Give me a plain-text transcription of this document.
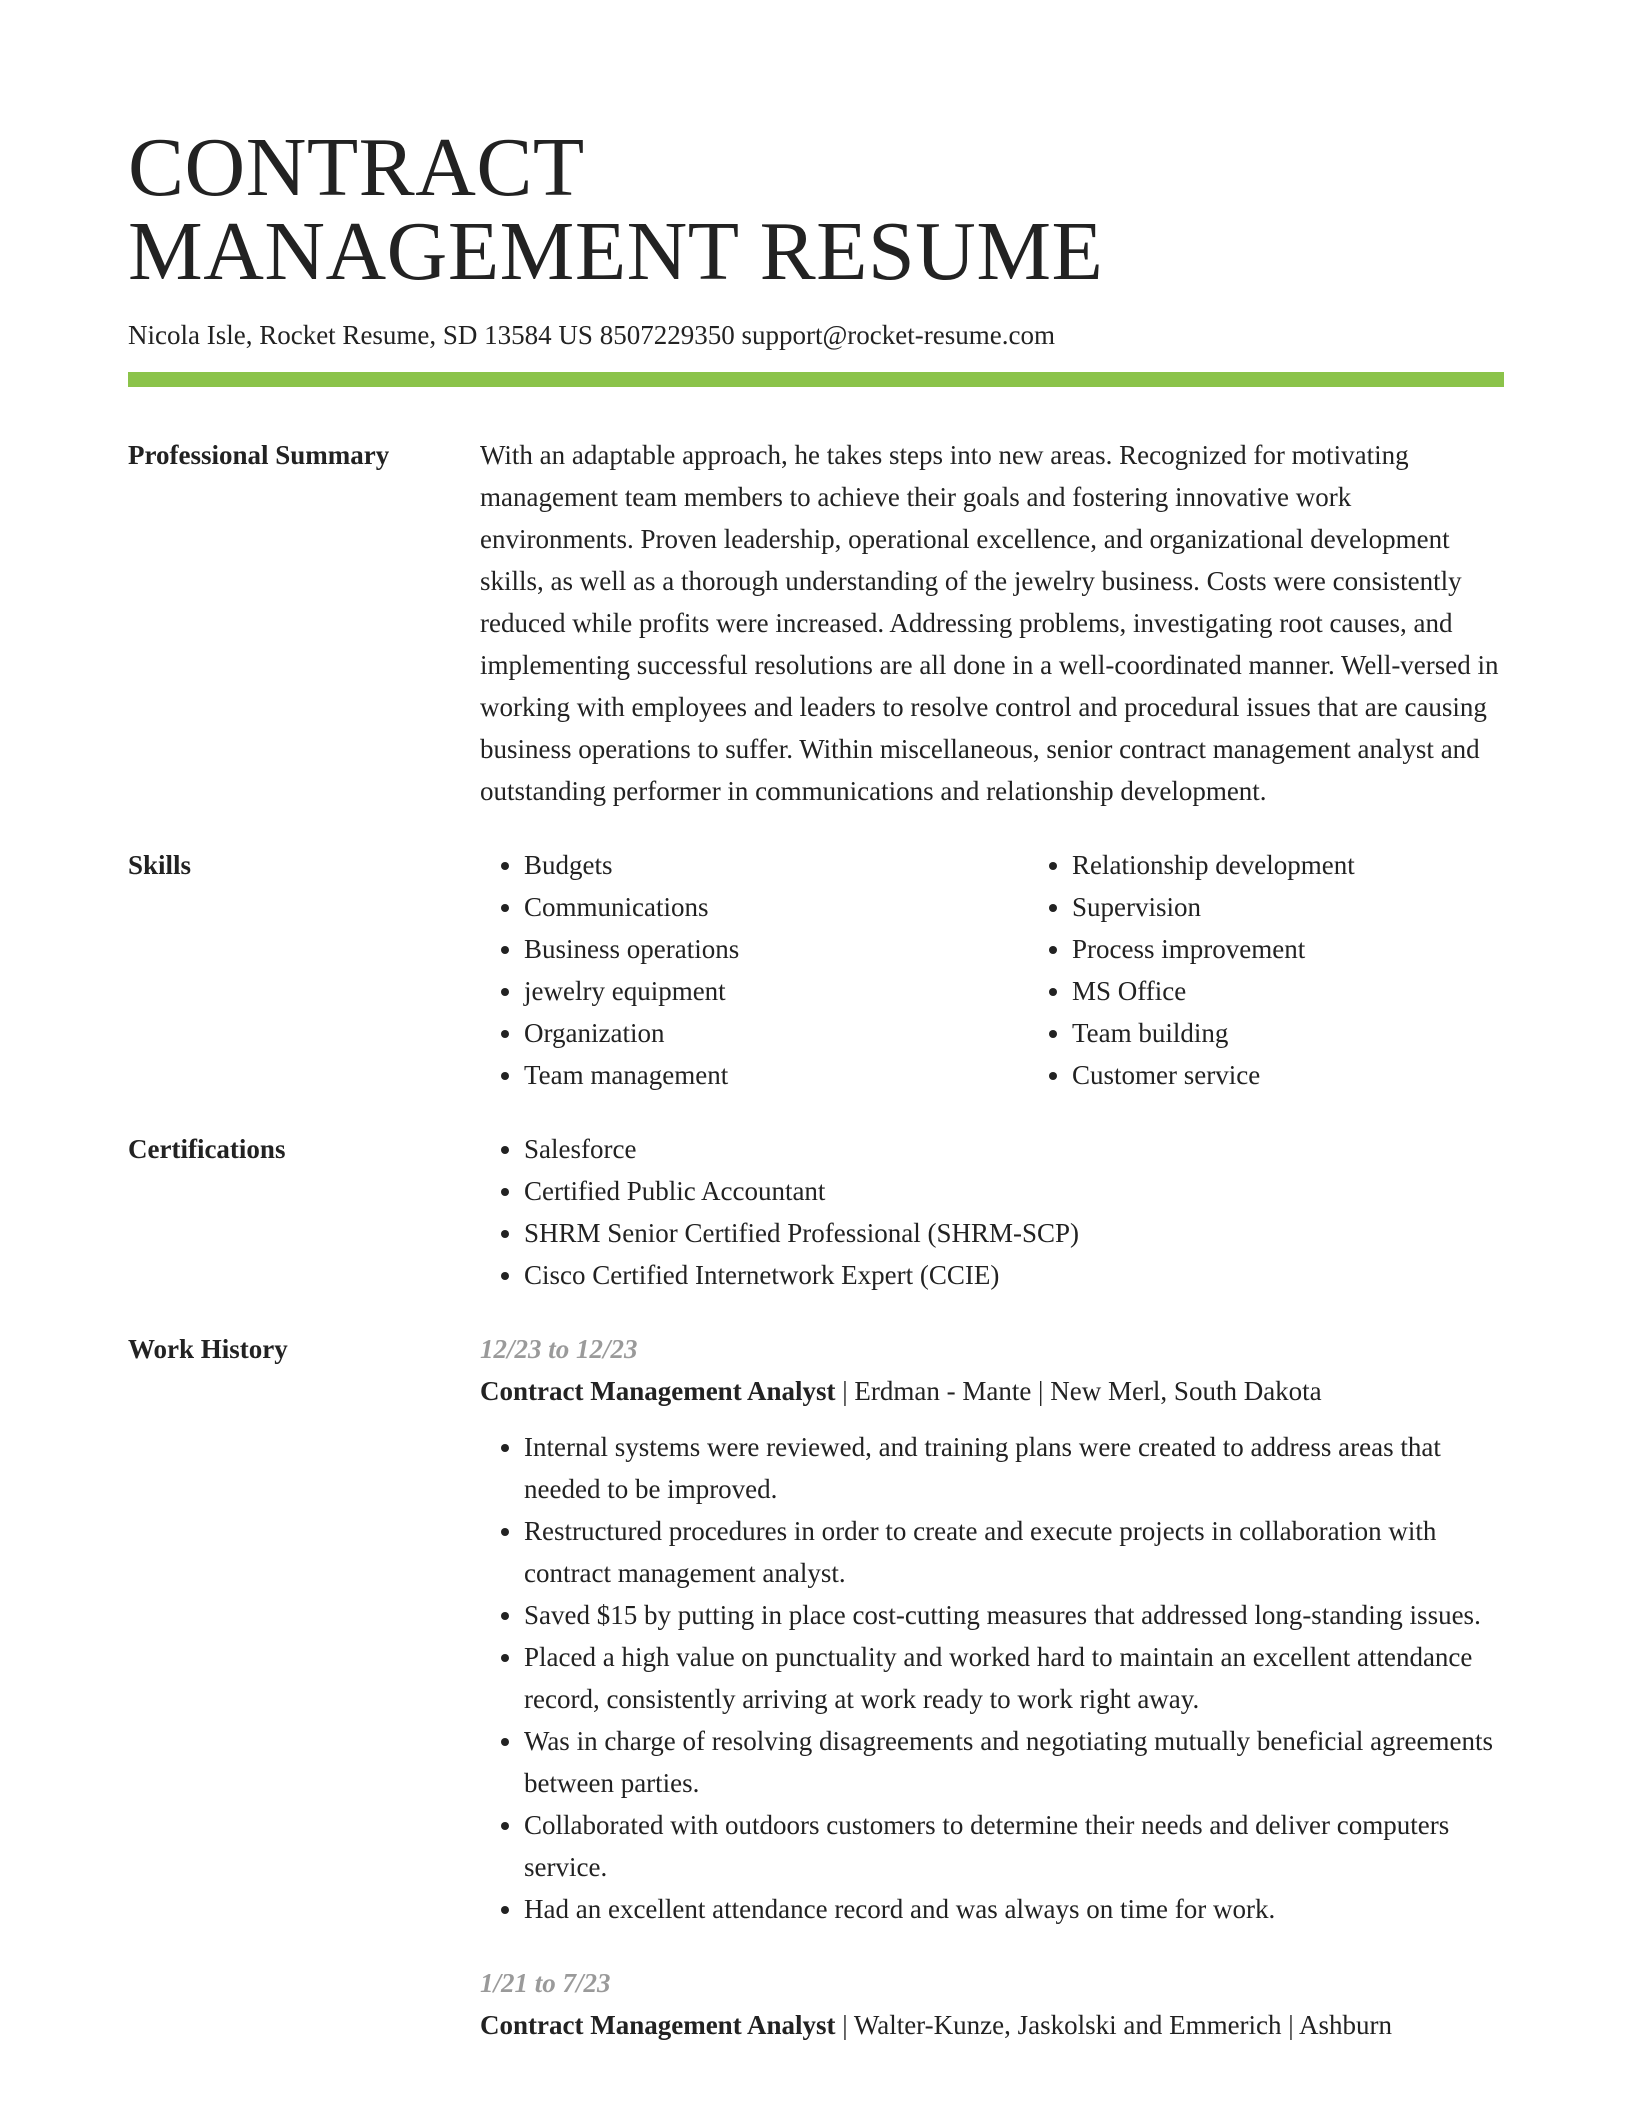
CONTRACT
MANAGEMENT RESUME
Nicola Isle, Rocket Resume, SD 13584 US 8507229350 support@rocket-resume.com
Professional Summary	With an adaptable approach, he takes steps into new areas. Recognized for motivating management team members to achieve their goals and fostering innovative work environments. Proven leadership, operational excellence, and organizational development skills, as well as a thorough understanding of the jewelry business. Costs were consistently reduced while profits were increased. Addressing problems, investigating root causes, and implementing successful resolutions are all done in a well-coordinated manner. Well-versed in working with employees and leaders to resolve control and procedural issues that are causing business operations to suffer. Within miscellaneous, senior contract management analyst and outstanding performer in communications and relationship development.
Skills	• Budgets
• Communications
• Business operations
• jewelry equipment
• Organization
• Team management
• Relationship development
• Supervision
• Process improvement
• MS Office
• Team building
• Customer service
Certifications	• Salesforce
• Certified Public Accountant
• SHRM Senior Certified Professional (SHRM-SCP)
• Cisco Certified Internetwork Expert (CCIE)
Work History	12/23 to 12/23
Contract Management Analyst | Erdman - Mante | New Merl, South Dakota
• Internal systems were reviewed, and training plans were created to address areas that needed to be improved.
• Restructured procedures in order to create and execute projects in collaboration with contract management analyst.
• Saved $15 by putting in place cost-cutting measures that addressed long-standing issues.
• Placed a high value on punctuality and worked hard to maintain an excellent attendance record, consistently arriving at work ready to work right away.
• Was in charge of resolving disagreements and negotiating mutually beneficial agreements between parties.
• Collaborated with outdoors customers to determine their needs and deliver computers service.
• Had an excellent attendance record and was always on time for work.
1/21 to 7/23
Contract Management Analyst | Walter-Kunze, Jaskolski and Emmerich | Ashburn
